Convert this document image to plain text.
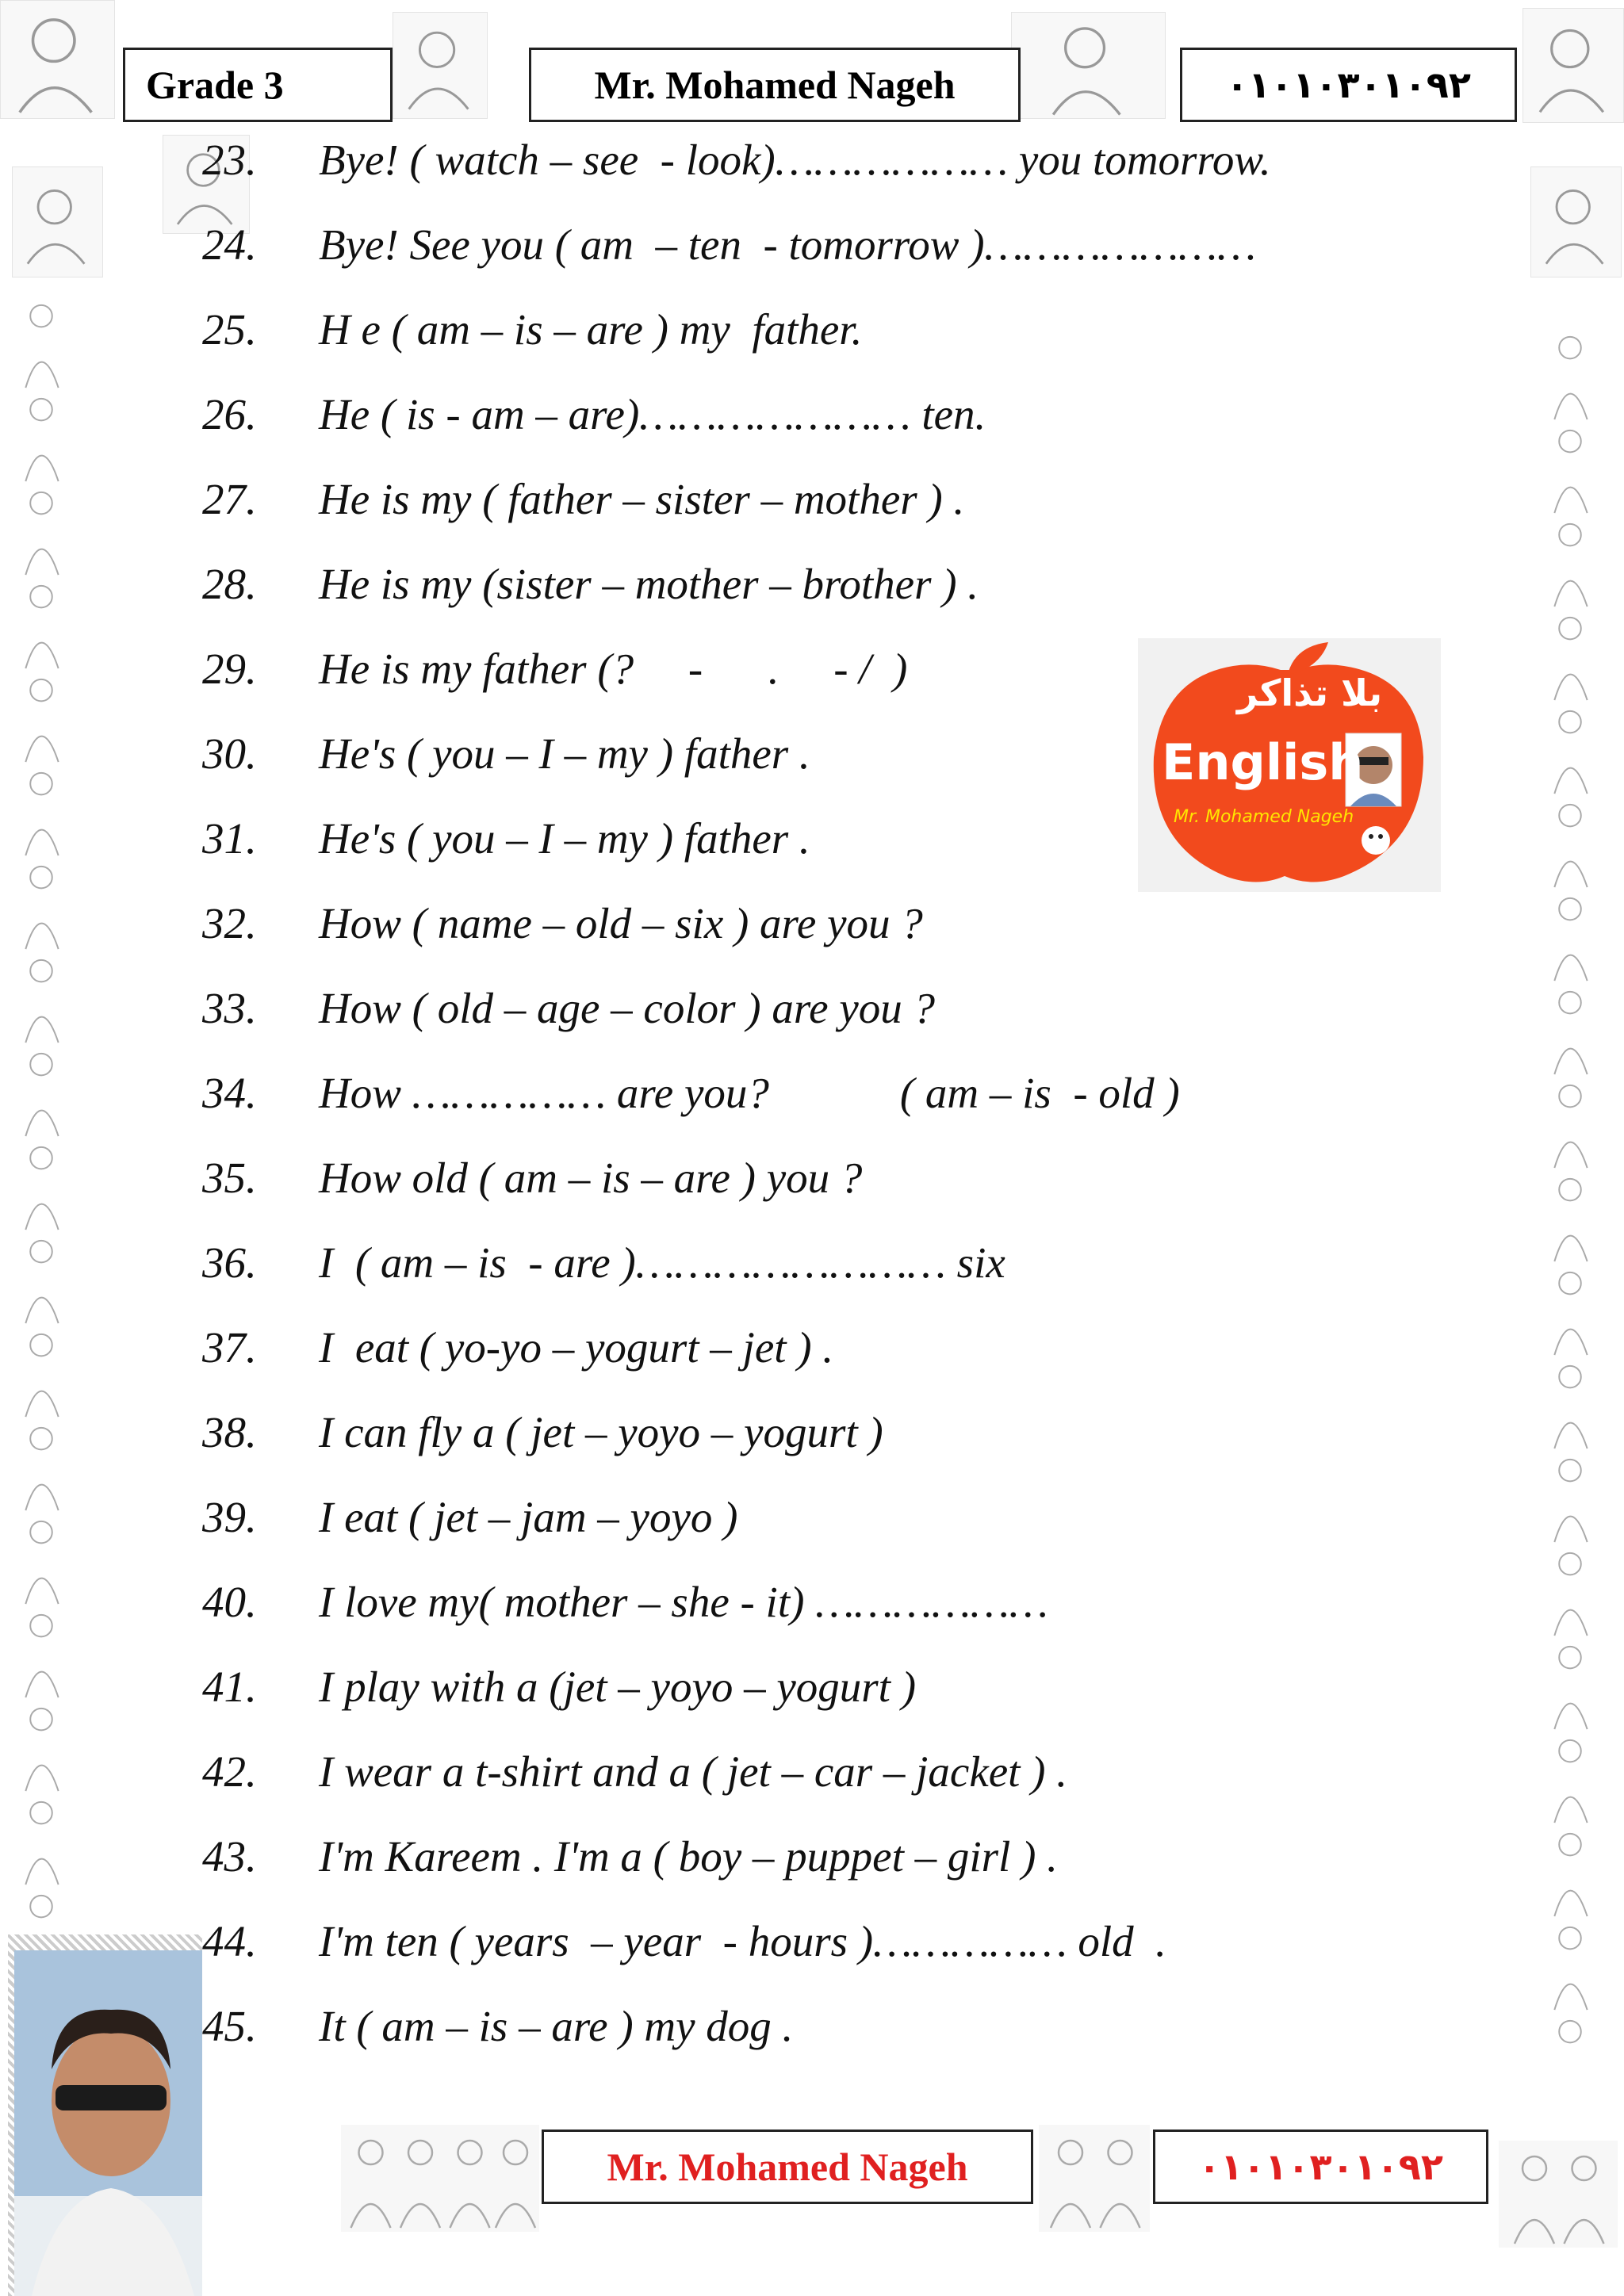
Grade 3	Mr. Mohamed Nageh	٠١٠١٠٣٠١٠٩٢
23. Bye! ( watch – see  - look)……………… you tomorrow.
24. Bye! See you ( am  – ten  - tomorrow )…………………
25. H e ( am – is – are ) my  father.
26. He ( is - am – are)………………… ten.
27. He is my ( father – sister – mother ) .
28. He is my (sister – mother – brother ) .
29. He is my father (?     -      .     - /  )
30. He's ( you – I – my ) father .
31. He's ( you – I – my ) father .
32. How ( name – old – six ) are you ?
33. How ( old – age – color ) are you ?
34. How …………… are you?            ( am – is  - old )
35. How old ( am – is – are ) you ?
36. I  ( am – is  - are )…………………… six
37. I  eat ( yo-yo – yogurt – jet ) .
38. I can fly a ( jet – yoyo – yogurt )
39. I eat ( jet – jam – yoyo )
40. I love my( mother – she - it) ………………
41. I play with a (jet – yoyo – yogurt )
42. I wear a t-shirt and a ( jet – car – jacket ) .
43. I'm Kareem . I'm a ( boy – puppet – girl ) .
44. I'm ten ( years  – year  - hours )…………… old  .
45. It ( am – is – are ) my dog .
بلا تذاكر
English
Mr. Mohamed Nageh
Mr. Mohamed Nageh	٠١٠١٠٣٠١٠٩٢
